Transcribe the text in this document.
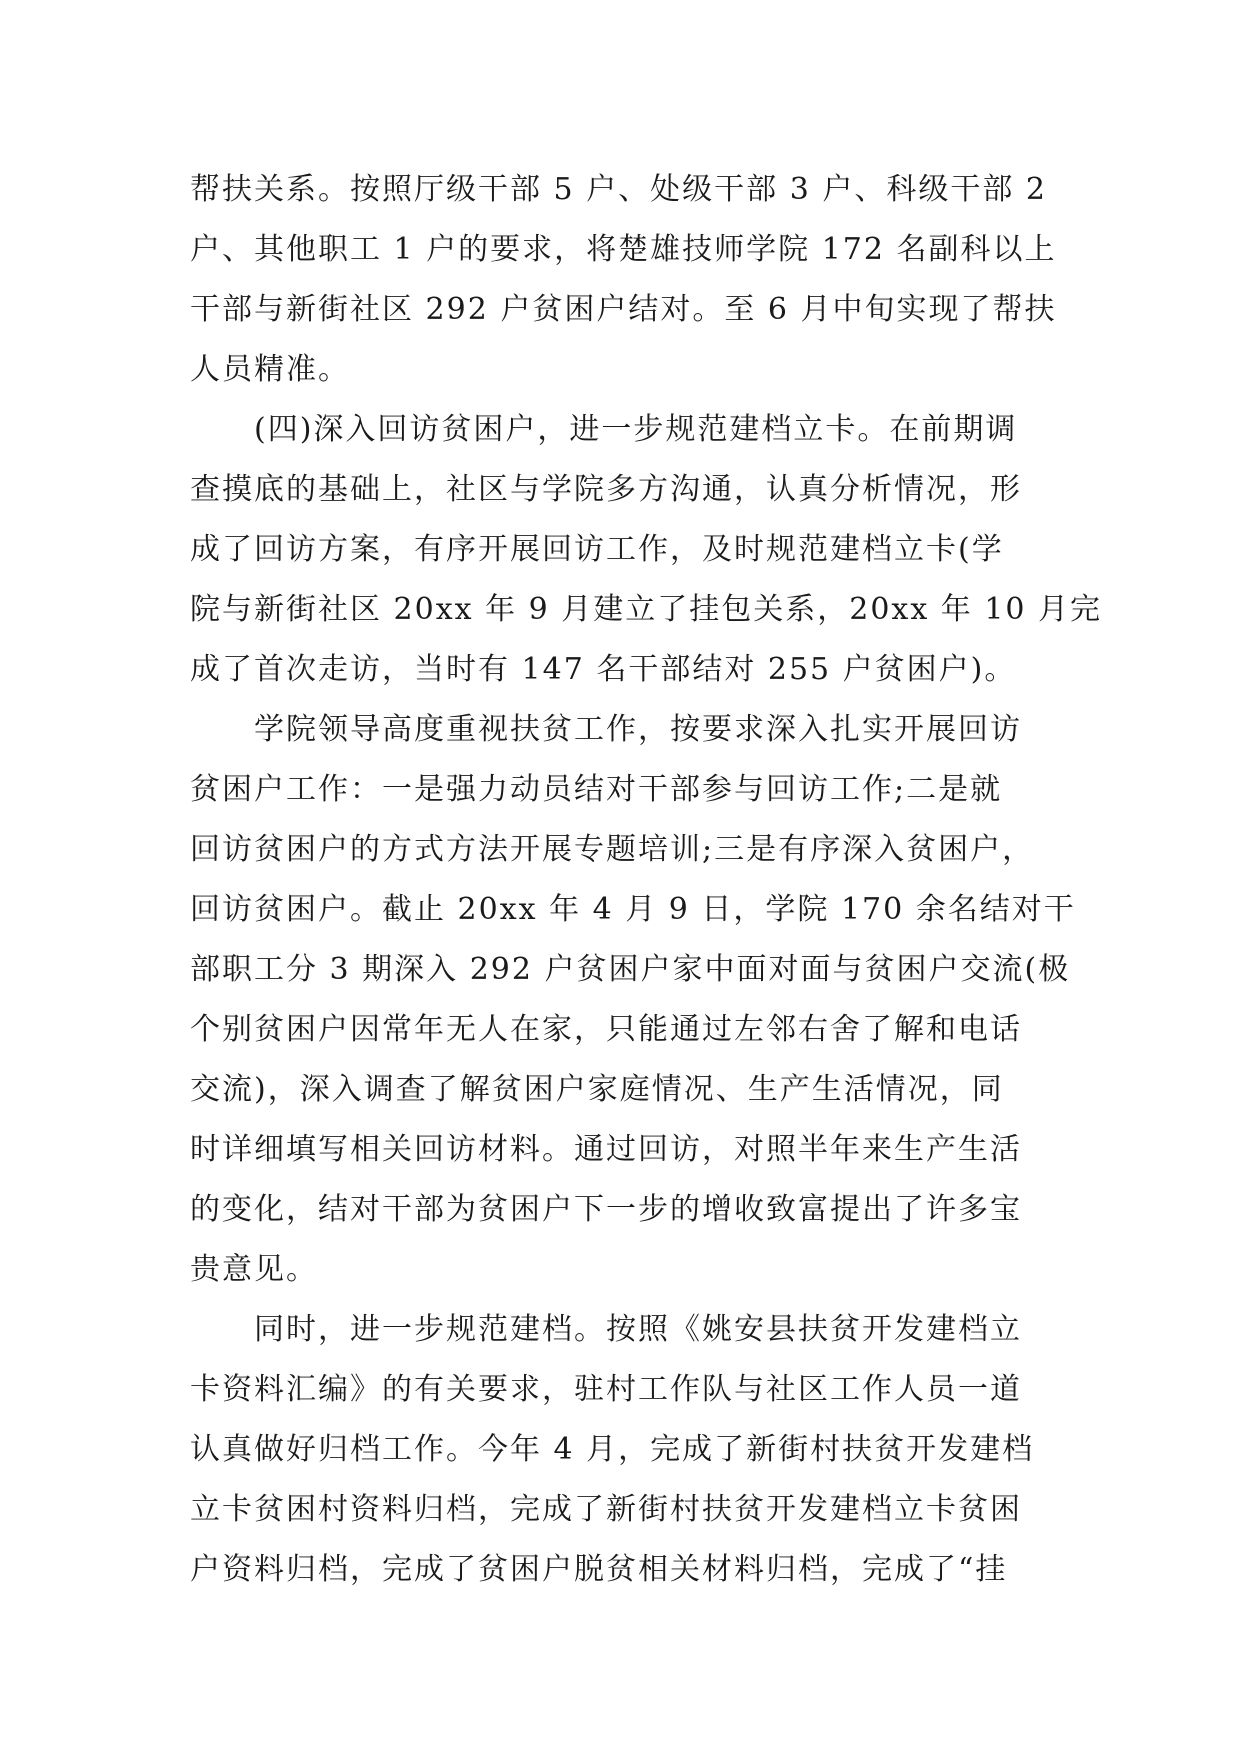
帮扶关系。按照厅级干部 5 户、处级干部 3 户、科级干部 2
户、其他职工 1 户的要求，将楚雄技师学院 172 名副科以上
干部与新街社区 292 户贫困户结对。至 6 月中旬实现了帮扶
人员精准。

(四)深入回访贫困户，进一步规范建档立卡。在前期调
查摸底的基础上，社区与学院多方沟通，认真分析情况，形
成了回访方案，有序开展回访工作，及时规范建档立卡(学
院与新街社区 20xx 年 9 月建立了挂包关系，20xx 年 10 月完
成了首次走访，当时有 147 名干部结对 255 户贫困户)。

学院领导高度重视扶贫工作，按要求深入扎实开展回访
贫困户工作：一是强力动员结对干部参与回访工作;二是就
回访贫困户的方式方法开展专题培训;三是有序深入贫困户，
回访贫困户。截止 20xx 年 4 月 9 日，学院 170 余名结对干
部职工分 3 期深入 292 户贫困户家中面对面与贫困户交流(极
个别贫困户因常年无人在家，只能通过左邻右舍了解和电话
交流)，深入调查了解贫困户家庭情况、生产生活情况，同
时详细填写相关回访材料。通过回访，对照半年来生产生活
的变化，结对干部为贫困户下一步的增收致富提出了许多宝
贵意见。

同时，进一步规范建档。按照《姚安县扶贫开发建档立
卡资料汇编》的有关要求，驻村工作队与社区工作人员一道
认真做好归档工作。今年 4 月，完成了新街村扶贫开发建档
立卡贫困村资料归档，完成了新街村扶贫开发建档立卡贫困
户资料归档，完成了贫困户脱贫相关材料归档，完成了“挂
